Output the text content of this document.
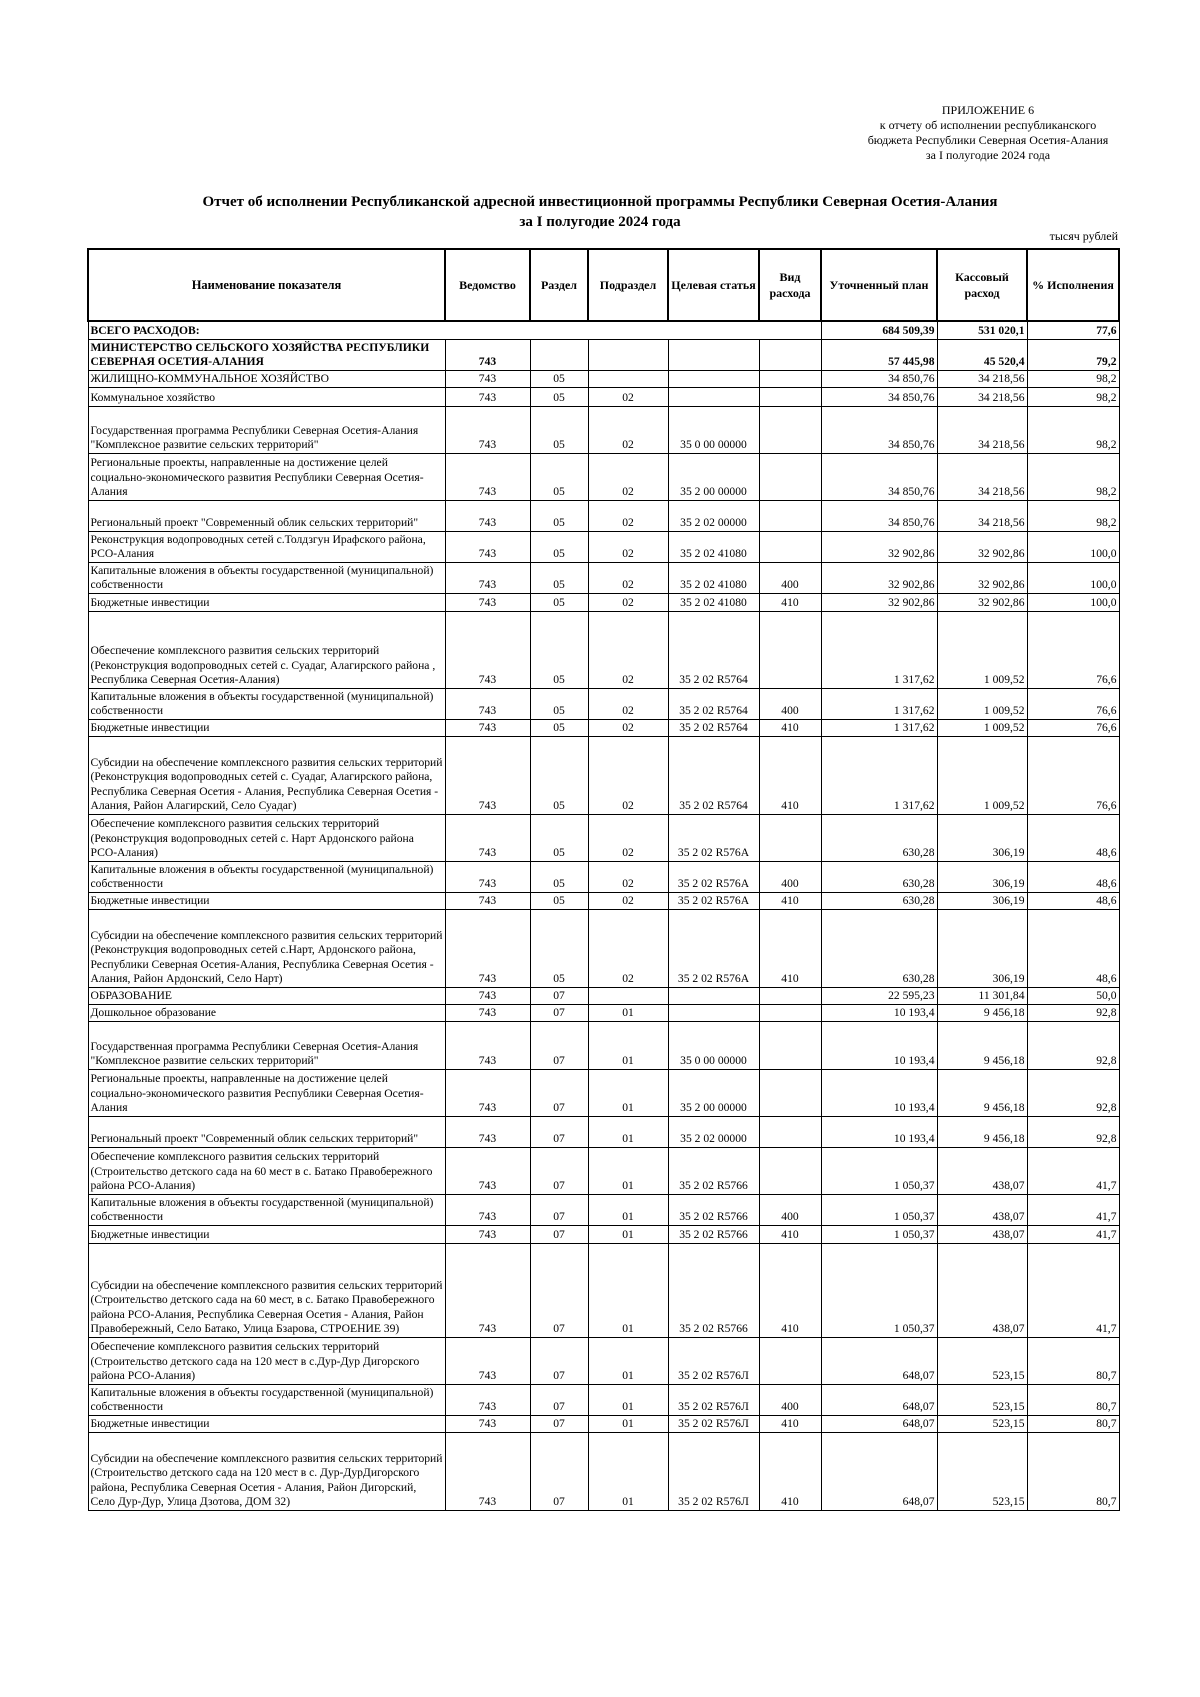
ПРИЛОЖЕНИЕ 6
к отчету об исполнении республиканского
бюджета Республики Северная Осетия-Алания
за I полугодие 2024 года
Отчет об исполнении Республиканской адресной инвестиционной программы Республики Северная Осетия-Алания
за I полугодие 2024 года
тысяч рублей
Наименование показателя	Ведомство	Раздел	Подраздел	Целевая статья	Вид расхода	Уточненный план	Кассовый расход	% Исполнения
ВСЕГО РАСХОДОВ:						684 509,39	531 020,1	77,6
МИНИСТЕРСТВО СЕЛЬСКОГО ХОЗЯЙСТВА РЕСПУБЛИКИ СЕВЕРНАЯ ОСЕТИЯ-АЛАНИЯ	743					57 445,98	45 520,4	79,2
ЖИЛИЩНО-КОММУНАЛЬНОЕ ХОЗЯЙСТВО	743	05				34 850,76	34 218,56	98,2
Коммунальное хозяйство	743	05	02			34 850,76	34 218,56	98,2
Государственная программа Республики Северная Осетия-Алания "Комплексное развитие сельских территорий"	743	05	02	35 0 00 00000		34 850,76	34 218,56	98,2
Региональные проекты, направленные на достижение целей социально-экономического развития Республики Северная Осетия-Алания	743	05	02	35 2 00 00000		34 850,76	34 218,56	98,2
Региональный проект "Современный облик сельских территорий"	743	05	02	35 2 02 00000		34 850,76	34 218,56	98,2
Реконструкция водопроводных сетей с.Толдзгун Ирафского района, РСО-Алания	743	05	02	35 2 02 41080		32 902,86	32 902,86	100,0
Капитальные вложения в объекты государственной (муниципальной) собственности	743	05	02	35 2 02 41080	400	32 902,86	32 902,86	100,0
Бюджетные инвестиции	743	05	02	35 2 02 41080	410	32 902,86	32 902,86	100,0
Обеспечение комплексного развития сельских территорий (Реконструкция водопроводных сетей с. Суадаг, Алагирского района , Республика Северная Осетия-Алания)	743	05	02	35 2 02 R5764		1 317,62	1 009,52	76,6
Капитальные вложения в объекты государственной (муниципальной) собственности	743	05	02	35 2 02 R5764	400	1 317,62	1 009,52	76,6
Бюджетные инвестиции	743	05	02	35 2 02 R5764	410	1 317,62	1 009,52	76,6
Субсидии на обеспечение комплексного развития сельских территорий (Реконструкция водопроводных сетей с. Суадаг, Алагирского района, Республика Северная Осетия - Алания, Республика Северная Осетия - Алания, Район Алагирский, Село Суадаг)	743	05	02	35 2 02 R5764	410	1 317,62	1 009,52	76,6
Обеспечение комплексного развития сельских территорий (Реконструкция водопроводных сетей с. Нарт Ардонского района РСО-Алания)	743	05	02	35 2 02 R576A		630,28	306,19	48,6
Капитальные вложения в объекты государственной (муниципальной) собственности	743	05	02	35 2 02 R576A	400	630,28	306,19	48,6
Бюджетные инвестиции	743	05	02	35 2 02 R576A	410	630,28	306,19	48,6
Субсидии на обеспечение комплексного развития сельских территорий (Реконструкция водопроводных сетей с.Нарт, Ардонского района, Республики Северная Осетия-Алания, Республика Северная Осетия - Алания, Район Ардонский, Село Нарт)	743	05	02	35 2 02 R576A	410	630,28	306,19	48,6
ОБРАЗОВАНИЕ	743	07				22 595,23	11 301,84	50,0
Дошкольное образование	743	07	01			10 193,4	9 456,18	92,8
Государственная программа Республики Северная Осетия-Алания "Комплексное развитие сельских территорий"	743	07	01	35 0 00 00000		10 193,4	9 456,18	92,8
Региональные проекты, направленные на достижение целей социально-экономического развития Республики Северная Осетия-Алания	743	07	01	35 2 00 00000		10 193,4	9 456,18	92,8
Региональный проект "Современный облик сельских территорий"	743	07	01	35 2 02 00000		10 193,4	9 456,18	92,8
Обеспечение комплексного развития сельских территорий (Строительство детского сада на 60 мест в с. Батако Правобережного района РСО-Алания)	743	07	01	35 2 02 R5766		1 050,37	438,07	41,7
Капитальные вложения в объекты государственной (муниципальной) собственности	743	07	01	35 2 02 R5766	400	1 050,37	438,07	41,7
Бюджетные инвестиции	743	07	01	35 2 02 R5766	410	1 050,37	438,07	41,7
Субсидии на обеспечение комплексного развития сельских территорий (Строительство детского сада на 60 мест, в с. Батако Правобережного района РСО-Алания, Республика Северная Осетия - Алания, Район Правобережный, Село Батако, Улица Бзарова, СТРОЕНИЕ 39)	743	07	01	35 2 02 R5766	410	1 050,37	438,07	41,7
Обеспечение комплексного развития сельских территорий (Строительство детского сада на 120 мест в с.Дур-Дур Дигорского района РСО-Алания)	743	07	01	35 2 02 R576Л		648,07	523,15	80,7
Капитальные вложения в объекты государственной (муниципальной) собственности	743	07	01	35 2 02 R576Л	400	648,07	523,15	80,7
Бюджетные инвестиции	743	07	01	35 2 02 R576Л	410	648,07	523,15	80,7
Субсидии на обеспечение комплексного развития сельских территорий (Строительство детского сада на 120 мест в с. Дур-ДурДигорского района, Республика Северная Осетия - Алания, Район Дигорский, Село Дур-Дур, Улица Дзотова, ДОМ 32)	743	07	01	35 2 02 R576Л	410	648,07	523,15	80,7
